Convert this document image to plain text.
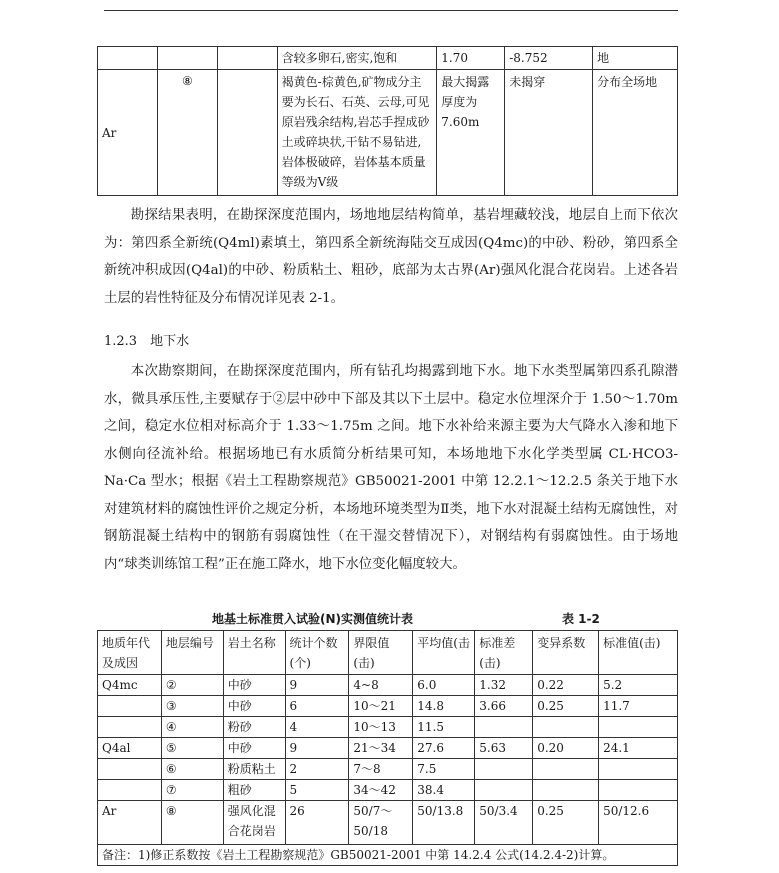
			含较多卵石,密实,饱和	1.70	-8.752	地
Ar	⑧		褐黄色-棕黄色,矿物成分主要为长石、石英、云母,可见原岩残余结构,岩芯手捏成砂土或碎块状,干钻不易钻进,岩体极破碎，岩体基本质量等级为Ⅴ级	最大揭露厚度为7.60m	未揭穿	分布全场地

勘探结果表明，在勘探深度范围内，场地地层结构简单，基岩埋藏较浅，地层自上而下依次为：第四系全新统(Q4ml)素填土，第四系全新统海陆交互成因(Q4mc)的中砂、粉砂，第四系全新统冲积成因(Q4al)的中砂、粉质粘土、粗砂，底部为太古界(Ar)强风化混合花岗岩。上述各岩土层的岩性特征及分布情况详见表 2-1。

1.2.3　地下水

本次勘察期间，在勘探深度范围内，所有钻孔均揭露到地下水。地下水类型属第四系孔隙潜水，微具承压性,主要赋存于②层中砂中下部及其以下土层中。稳定水位埋深介于 1.50～1.70m 之间，稳定水位相对标高介于 1.33～1.75m 之间。地下水补给来源主要为大气降水入渗和地下水侧向径流补给。根据场地已有水质简分析结果可知，本场地地下水化学类型属 CL·HCO3-Na·Ca 型水；根据《岩土工程勘察规范》GB50021-2001 中第 12.2.1～12.2.5 条关于地下水对建筑材料的腐蚀性评价之规定分析，本场地环境类型为Ⅱ类，地下水对混凝土结构无腐蚀性，对钢筋混凝土结构中的钢筋有弱腐蚀性（在干湿交替情况下），对钢结构有弱腐蚀性。由于场地内“球类训练馆工程”正在施工降水，地下水位变化幅度较大。

地基土标准贯入试验(N)实测值统计表	表 1-2
地质年代及成因	地层编号	岩土名称	统计个数(个)	界限值(击)	平均值(击	标准差(击)	变异系数	标准值(击)
Q4mc	②	中砂	9	4~8	6.0	1.32	0.22	5.2
	③	中砂	6	10～21	14.8	3.66	0.25	11.7
	④	粉砂	4	10～13	11.5			
Q4al	⑤	中砂	9	21～34	27.6	5.63	0.20	24.1
	⑥	粉质粘土	2	7～8	7.5			
	⑦	粗砂	5	34～42	38.4			
Ar	⑧	强风化混合花岗岩	26	50/7～50/18	50/13.8	50/3.4	0.25	50/12.6
备注：1)修正系数按《岩土工程勘察规范》GB50021-2001 中第 14.2.4 公式(14.2.4-2)计算。								
